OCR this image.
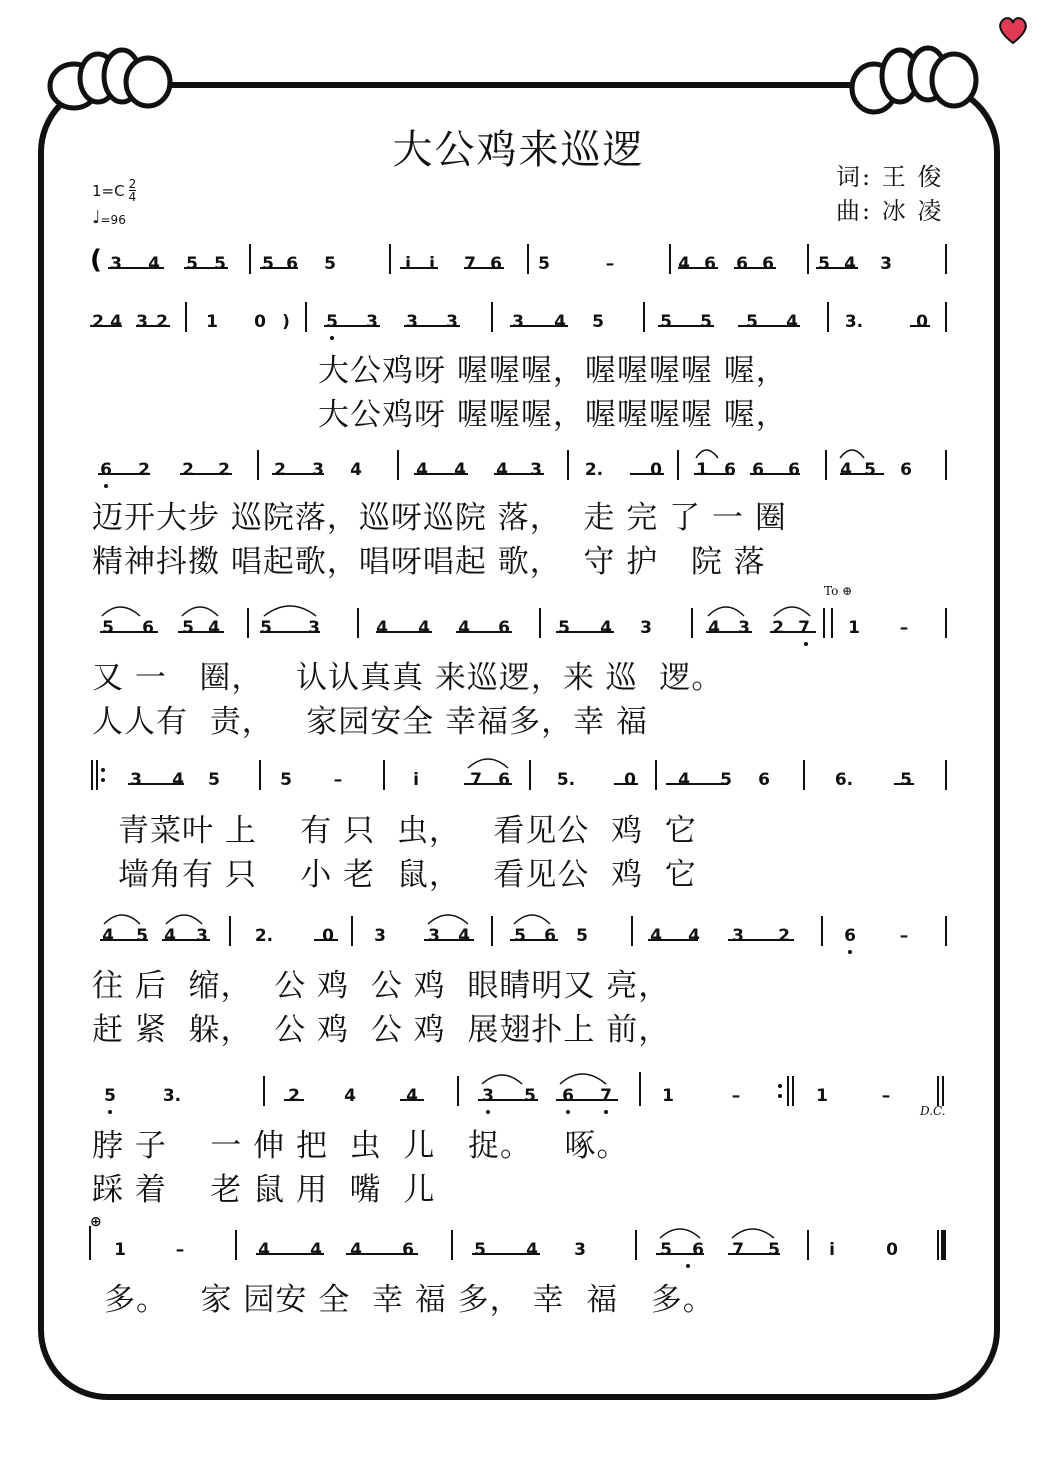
大公鸡来巡逻
1=C 2
4
♩ =96
词: 王 俊
曲: 冰 凌
( 3 4 5 5 5 6 5	i	i	7 6 5	–	4 6 6 6	5 4 3
2 4 3 2 1 0 )	5 3 3 3	3 4 5	5 5 5 4	3.	0
大公鸡呀 喔喔喔，喔喔喔喔 喔，
大公鸡呀 喔喔喔，喔喔喔喔 喔，
6 2 2 2	2 3 4	4 4 4 3	2.	0 1 6 6 6 4 5 6
迈开大步 巡院落，巡呀巡院 落，  走 完 了 一 圈
精神抖擞 唱起歌，唱呀唱起 歌，  守 护   院 落
5 6 5 4 5 3	4 4 4 6	5 4 3	4 3 2 7 1	–
To ⊕
又 一   圈，   认认真真 来巡逻，来 巡  逻。
人人有  责，   家园安全 幸福多，幸 福
3 4 5	5	–	i	7 6	5.	0 4 5 6	6.	5
青菜叶 上    有 只  虫，   看见公  鸡  它
墙角有 只    小 老  鼠，   看见公  鸡  它
4 5 4 3	2.	0 3 3 4	5 6 5	4 4 3 2	6	–
往 后  缩，  公 鸡  公 鸡  眼睛明又 亮，
赶 紧  躲，  公 鸡  公 鸡  展翅扑上 前，
5	3.	2	4	4	3 5 6 7	1	–	1	–
D.C.
脖 子    一 伸 把  虫  儿   捉。   啄。
踩 着    老 鼠 用  嘴  儿
⊕
1	–	4 4 4 6	5 4 3	5 6 7 5	i	0
多。   家 园安 全  幸 福 多， 幸  福   多。
